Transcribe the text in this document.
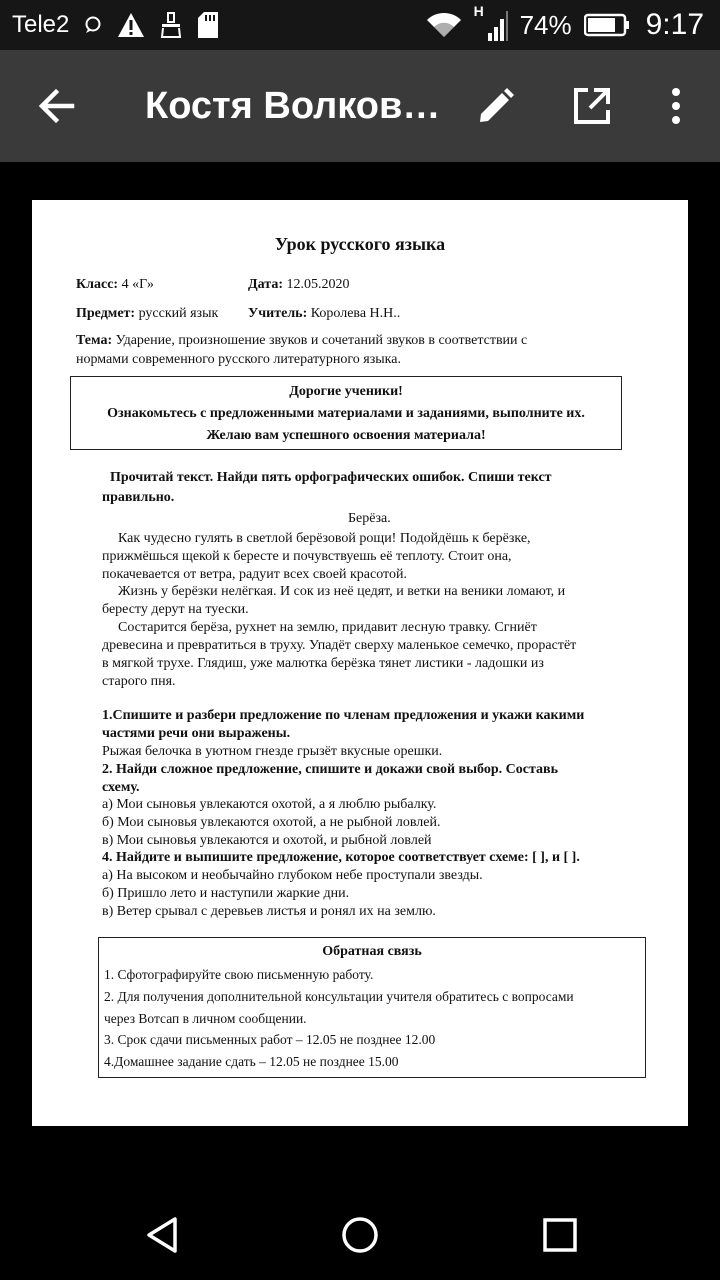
Tele2	H 74% 9:17
Костя Волков…
Урок русского языка
Класс: 4 «Г»	Дата: 12.05.2020
Предмет: русский язык Учитель: Королева Н.Н..
Тема: Ударение, произношение звуков и сочетаний звуков в соответствии с
нормами современного русского литературного языка.
Дорогие ученики!
Ознакомьтесь с предложенными материалами и заданиями, выполните их.
Желаю вам успешного освоения материала!
Прочитай текст. Найди пять орфографических ошибок. Спиши текст
правильно.
Берёза.
Как чудесно гулять в светлой берёзовой рощи! Подойдёшь к берёзке,
прижмёшься щекой к бересте и почувствуешь её теплоту. Стоит она,
покачевается от ветра, радуит всех своей красотой.
Жизнь у берёзки нелёгкая. И сок из неё цедят, и ветки на веники ломают, и
бересту дерут на туески.
Состарится берёза, рухнет на землю, придавит лесную травку. Сгниёт
древесина и превратиться в труху. Упадёт сверху маленькое семечко, прорастёт
в мягкой трухе. Глядиш, уже малютка берёзка тянет листики - ладошки из
старого пня.
1.Спишите и разбери предложение по членам предложения и укажи какими
частями речи они выражены.
Рыжая белочка в уютном гнезде грызёт вкусные орешки.
2. Найди сложное предложение, спишите и докажи свой выбор. Составь
схему.
а) Мои сыновья увлекаются охотой, а я люблю рыбалку.
б) Мои сыновья увлекаются охотой, а не рыбной ловлей.
в) Мои сыновья увлекаются и охотой, и рыбной ловлей
4. Найдите и выпишите предложение, которое соответствует схеме: [ ], и [ ].
а) На высоком и необычайно глубоком небе проступали звезды.
б) Пришло лето и наступили жаркие дни.
в) Ветер срывал с деревьев листья и ронял их на землю.
Обратная связь
1. Сфотографируйте свою письменную работу.
2. Для получения дополнительной консультации учителя обратитесь с вопросами
через Вотсап в личном сообщении.
3. Срок сдачи письменных работ – 12.05 не позднее 12.00
4.Домашнее задание сдать – 12.05 не позднее 15.00
